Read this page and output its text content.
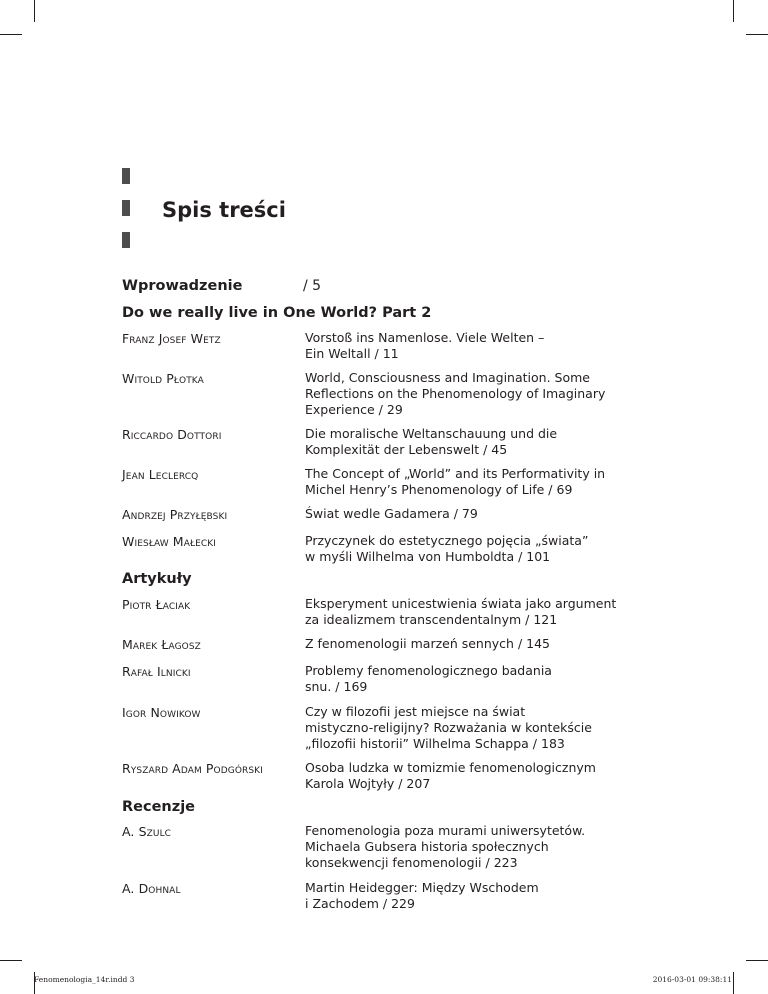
Spis treści
Wprowadzenie	/ 5
Do we really live in One World? Part 2
Franz Josef Wetz	Vorstoß ins Namenlose. Viele Welten –
Ein Weltall / 11
Witold Płotka	World, Consciousness and Imagination. Some
Reflections on the Phenomenology of Imaginary
Experience / 29
Riccardo Dottori	Die moralische Weltanschauung und die
Komplexität der Lebenswelt / 45
Jean Leclercq	The Concept of „World” and its Performativity in
Michel Henry’s Phenomenology of Life / 69
Andrzej Przyłębski	Świat wedle Gadamera / 79
Wiesław Małecki	Przyczynek do estetycznego pojęcia „świata”
w myśli Wilhelma von Humboldta / 101
Artykuły
Piotr Łaciak	Eksperyment unicestwienia świata jako argument
za idealizmem transcendentalnym / 121
Marek Łagosz	Z fenomenologii marzeń sennych / 145
Rafał Ilnicki	Problemy fenomenologicznego badania
snu. / 169
Igor Nowikow	Czy w filozofii jest miejsce na świat
mistyczno-religijny? Rozważania w kontekście
„filozofii historii” Wilhelma Schappa / 183
Ryszard Adam Podgórski	Osoba ludzka w tomizmie fenomenologicznym
Karola Wojtyły / 207
Recenzje
A. Szulc	Fenomenologia poza murami uniwersytetów.
Michaela Gubsera historia społecznych
konsekwencji fenomenologii / 223
A. Dohnal	Martin Heidegger: Między Wschodem
i Zachodem / 229
Fenomenologia_14r.indd 3	2016-03-01 09:38:11
